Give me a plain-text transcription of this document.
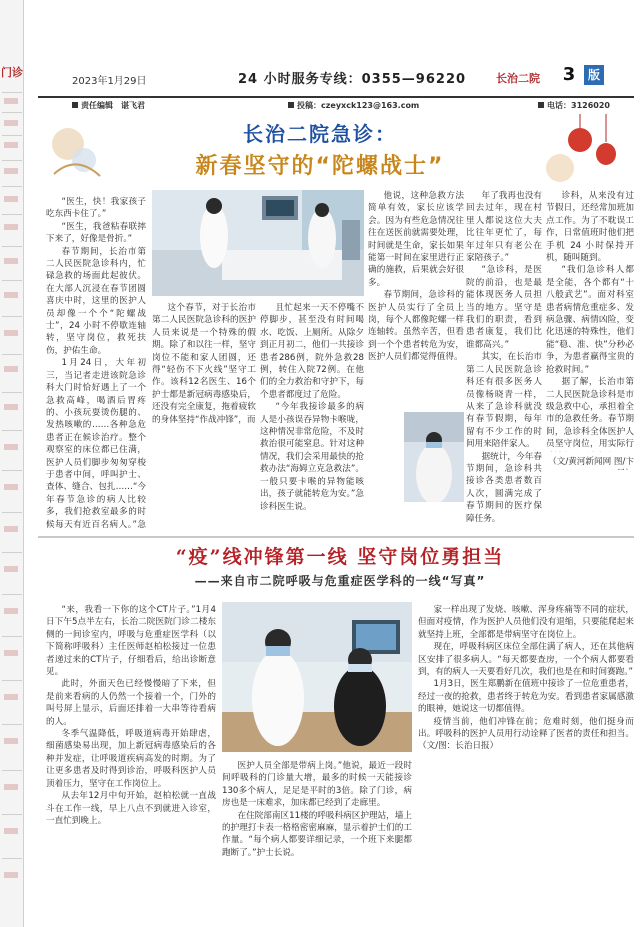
门诊
2023年1月29日	24 小时服务专线：0355—96220	长治二院 3	版
责任编辑　谌飞君	投稿：czeyxck123@163.com	电话：3126020
长治二院急诊：
新春坚守的“陀螺战士”

“医生，快！我家孩子吃东西卡住了。”

“医生，我爸粘春联摔下来了，好像是骨折。”

春节期间，长治市第二人民医院急诊科内，忙碌急救的场面此起彼伏。在大部人沉浸在春节团圆喜庆中时，这里的医护人员却像一个个“陀螺战士”，24 小时不停歇连轴转，坚守岗位，救死扶伤，护佑生命。

1月24日，大年初三，当记者走进该院急诊科大门时恰好遇上了一个急救高峰，喝酒后胃疼的、小孩玩耍烫伤腿的、发热咳嗽的……各种急危患者正在候诊治疗。整个观察室的床位都已住满，医护人员们脚步匆匆穿梭于患者中间，呼叫护士、查体、缝合、包扎……“今年春节急诊的病人比较多，我们抢救室最多的时候每天有近百名病人。”急

这个春节，对于长治市第二人民医院急诊科的医护人员来说是一个特殊的假期。除了和以往一样，坚守岗位不能和家人团圆，还得“轻伤不下火线”坚守工作。该科12名医生、16个护士都是新冠病毒感染后，还没有完全康复，拖着疲软的身体坚持“作战冲锋”，而

且忙起来一天不停嘴不停脚步，甚至没有时间喝水、吃饭、上厕所。从除夕到正月初二，他们一共接诊患者286例，院外急救28例，转住入院72例。在他们的全力救治和守护下，每个患者都度过了危险。

“今年我接诊最多的病人是小孩误吞异物卡喉咙，这种情况非常危险，不及时救治很可能窒息。针对这种情况，我们会采用最快的抢救办法“海姆立克急救法”。一般只要卡喉的异物能咳出，孩子就能转危为安。”急诊科医生说。

他说，这种急救方法简单有效，家长应该学会。因为有些危急情况往往在送医前就需要处理，时间就是生命，家长如果能第一时间在家里进行正确的施救，后果就会好很多。

春节期间，急诊科的医护人员实行了全员上岗，每个人都像陀螺一样连轴转。虽然辛苦，但看到一个个患者转危为安，医护人员们都觉得值得。

年了我再也没有回去过年，现在村里人都说这位大夫比往年更忙了，每年过年只有老公在家陪孩子。”

“急诊科，是医院的前沿，也是最能体现医务人员担当的地方。坚守是我们的职责，看到患者康复，我们比谁都高兴。”

其实，在长治市第二人民医院急诊科还有很多医务人员像杨晓青一样，从来了急诊科就没有春节假期，每年留有不少工作的时间用来陪伴家人。

据统计，今年春节期间，急诊科共接诊各类患者数百人次，圆满完成了春节期间的医疗保障任务。

诊科，从来没有过节假日，还经常加班加点工作。为了不耽误工作，日常值班时他们把手机 24 小时保持开机，随叫随到。

“我们急诊科人都是全能，各个都有“十八般武艺”。面对科室患者病情危重症多、发病急骤、病情凶险，变化迅速的特殊性，他们能“稳、准、快”分秒必争，为患者赢得宝贵的抢救时间。”

据了解，长治市第二人民医院急诊科是市级急救中心，承担着全市的急救任务。春节期间，急诊科全体医护人员坚守岗位，用实际行

（文/黄河新闻网 图/卞
“疫”线冲锋第一线 坚守岗位勇担当
——来自市二院呼吸与危重症医学科的一线“写真”

“来，我看一下你的这个CT片子。”1月4日下午5点半左右，长治二院医院门诊二楼东侧的一间诊室内，呼吸与危重症医学科（以下简称呼吸科）主任医师赵柏松接过一位患者递过来的CT片子，仔细看后，给出诊断意见。

此时，外面天色已经慢慢暗了下来，但是前来看病的人仍然一个接着一个，门外的叫号屏上显示，后面还排着一大串等待看病的人。

冬季气温降低，呼吸道病毒开始肆虐，细菌感染易出现，加上新冠病毒感染后的各种并发症，让呼吸道疾病高发的时期。为了让更多患者及时得到诊治，呼吸科医护人员顶着压力，坚守在工作岗位上。

从去年12月中旬开始，赵柏松就一直战斗在工作一线，早上八点不到就进入诊室，一直忙到晚上。

医护人员全部是带病上岗。”他说，最近一段时间呼吸科的门诊量大增，最多的时候一天能接诊130多个病人，足足是平时的3倍。除了门诊，病房也是一床难求，加床都已经到了走廊里。

在住院部南区11楼的呼吸科病区护理站，墙上的护理打卡表一格格密密麻麻，显示着护士们的工作量。“每个病人都要详细记录，一个班下来腿都跑断了。”护士长说。

家一样出现了发烧、咳嗽、浑身疼痛等不同的症状，但面对疫情，作为医护人员他们没有退缩，只要能爬起来就坚持上班，全部都是带病坚守在岗位上。

现在，呼吸科病区床位全部住满了病人，还在其他病区安排了很多病人。“每天都要查房，一个个病人都要看到，有的病人一天要看好几次，我们也是在和时间赛跑。”

1月3日，医生郑鹏新在值班中接诊了一位危重患者，经过一夜的抢救，患者终于转危为安。看到患者家属感激的眼神，她说这一切都值得。

疫情当前，他们冲锋在前；危难时刻，他们挺身而出。呼吸科的医护人员用行动诠释了医者的责任和担当。（文/图：长治日报）
